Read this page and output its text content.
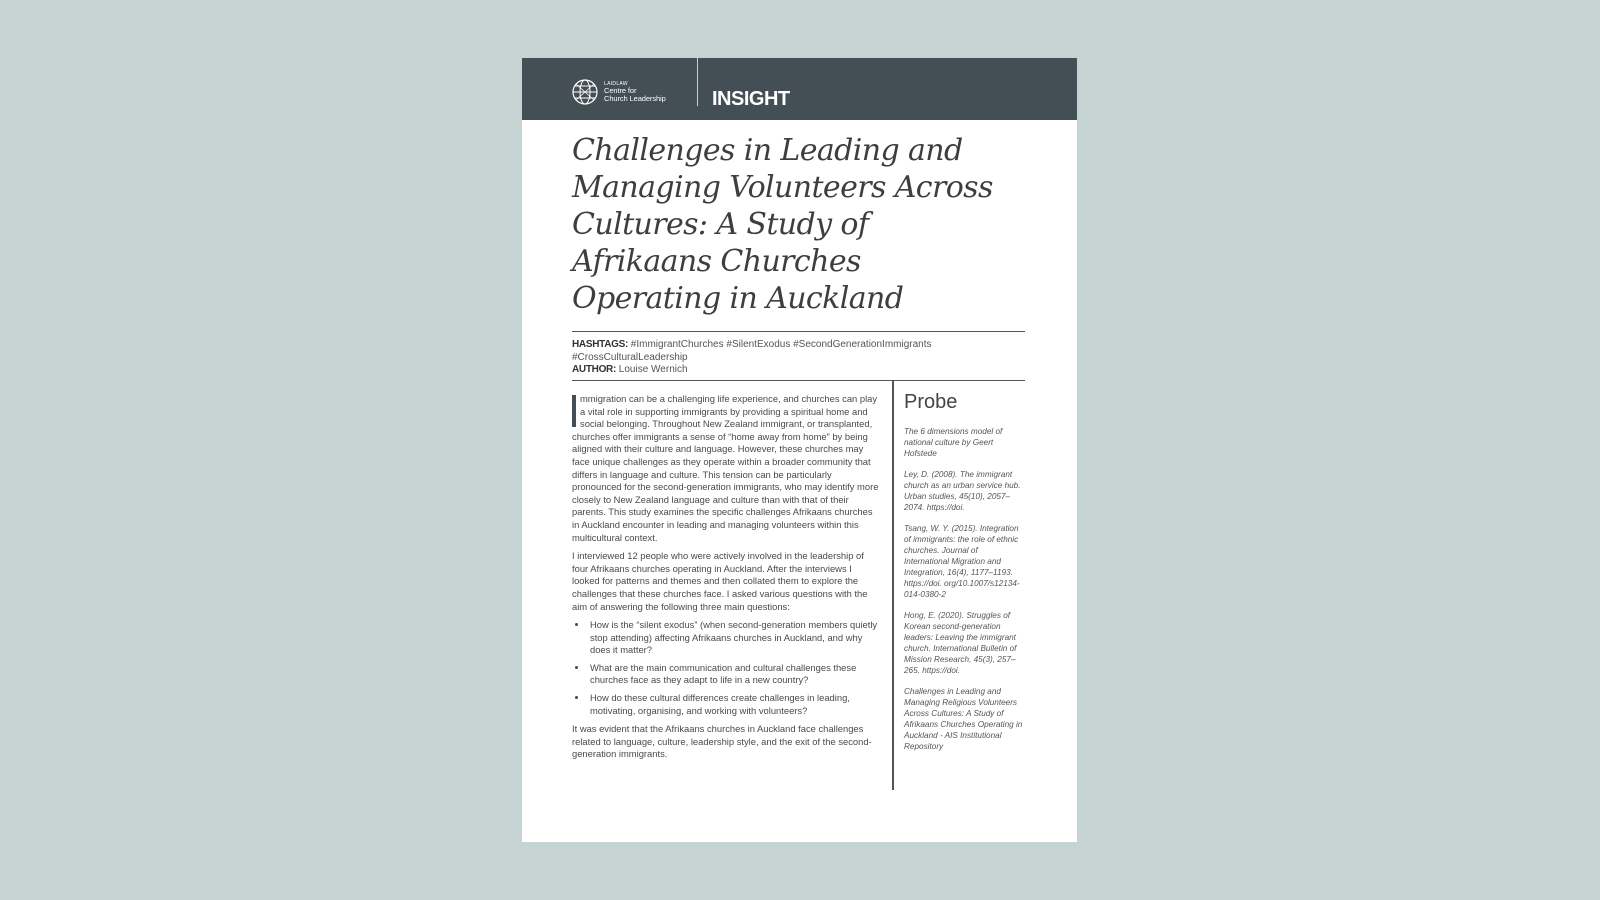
LAIDLAW
Centre for
Church Leadership INSIGHT
Challenges in Leading and Managing Volunteers Across Cultures: A Study of Afrikaans Churches Operating in Auckland
HASHTAGS: #ImmigrantChurches #SilentExodus #SecondGenerationImmigrants #CrossCulturalLeadership
AUTHOR: Louise Wernich

mmigration can be a challenging life experience, and churches can play a vital role in supporting immigrants by providing a spiritual home and social belonging. Throughout New Zealand immigrant, or transplanted, churches offer immigrants a sense of “home away from home” by being aligned with their culture and language. However, these churches may face unique challenges as they operate within a broader community that differs in language and culture. This tension can be particularly pronounced for the second-generation immigrants, who may identify more closely to New Zealand language and culture than with that of their parents. This study examines the specific challenges Afrikaans churches in Auckland encounter in leading and managing volunteers within this multicultural context.

I interviewed 12 people who were actively involved in the leadership of four Afrikaans churches operating in Auckland. After the interviews I looked for patterns and themes and then collated them to explore the challenges that these churches face. I asked various questions with the aim of answering the following three main questions:

• How is the “silent exodus” (when second-generation members quietly stop attending) affecting Afrikaans churches in Auckland, and why does it matter?
• What are the main communication and cultural challenges these churches face as they adapt to life in a new country?
• How do these cultural differences create challenges in leading, motivating, organising, and working with volunteers?

It was evident that the Afrikaans churches in Auckland face challenges related to language, culture, leadership style, and the exit of the second-generation immigrants.

Probe

The 6 dimensions model of national culture by Geert Hofstede

Ley, D. (2008). The immigrant church as an urban service hub. Urban studies, 45(10), 2057–2074. https://doi.

Tsang, W. Y. (2015). Integration of immigrants: the role of ethnic churches. Journal of International Migration and Integration, 16(4), 1177–1193. https://doi. org/10.1007/s12134-014-0380-2

Hong, E. (2020). Struggles of Korean second-generation leaders: Leaving the immigrant church. International Bulletin of Mission Research, 45(3), 257–265. https://doi.

Challenges in Leading and Managing Religious Volunteers Across Cultures: A Study of Afrikaans Churches Operating in Auckland - AIS Institutional Repository
